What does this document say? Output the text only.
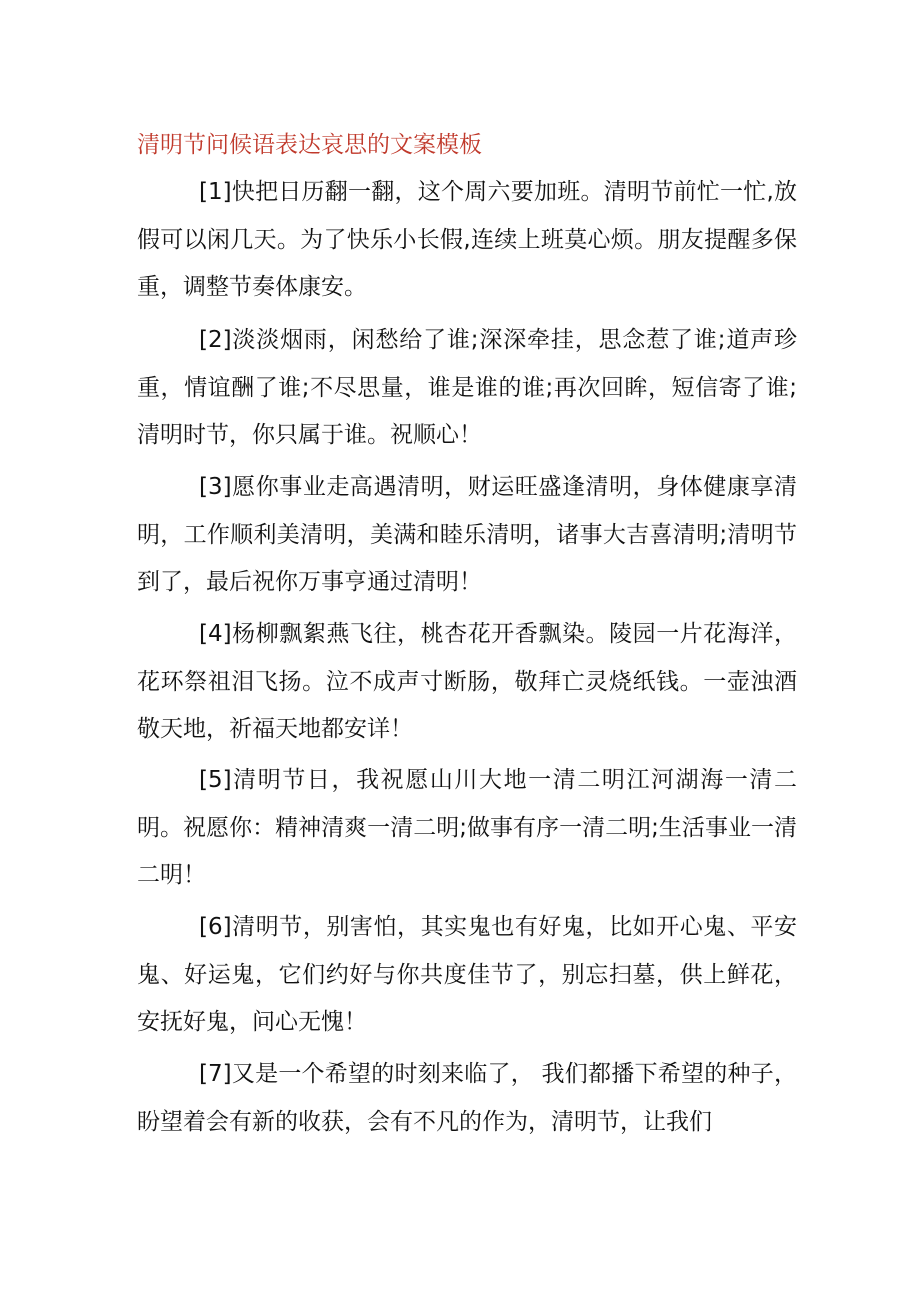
清明节问候语表达哀思的文案模板

[1]快把日历翻一翻，这个周六要加班。清明节前忙一忙,放假可以闲几天。为了快乐小长假,连续上班莫心烦。朋友提醒多保重，调整节奏体康安。

[2]淡淡烟雨，闲愁给了谁;深深牵挂，思念惹了谁;道声珍重，情谊酬了谁;不尽思量，谁是谁的谁;再次回眸，短信寄了谁;清明时节，你只属于谁。祝顺心！

[3]愿你事业走高遇清明，财运旺盛逢清明，身体健康享清明，工作顺利美清明，美满和睦乐清明，诸事大吉喜清明;清明节到了，最后祝你万事亨通过清明！

[4]杨柳飘絮燕飞往，桃杏花开香飘染。陵园一片花海洋，花环祭祖泪飞扬。泣不成声寸断肠，敬拜亡灵烧纸钱。一壶浊酒敬天地，祈福天地都安详！

[5]清明节日，我祝愿山川大地一清二明江河湖海一清二明。祝愿你：精神清爽一清二明;做事有序一清二明;生活事业一清二明！

[6]清明节，别害怕，其实鬼也有好鬼，比如开心鬼、平安鬼、好运鬼，它们约好与你共度佳节了，别忘扫墓，供上鲜花，安抚好鬼，问心无愧！

[7]又是一个希望的时刻来临了， 我们都播下希望的种子，盼望着会有新的收获，会有不凡的作为，清明节，让我们
